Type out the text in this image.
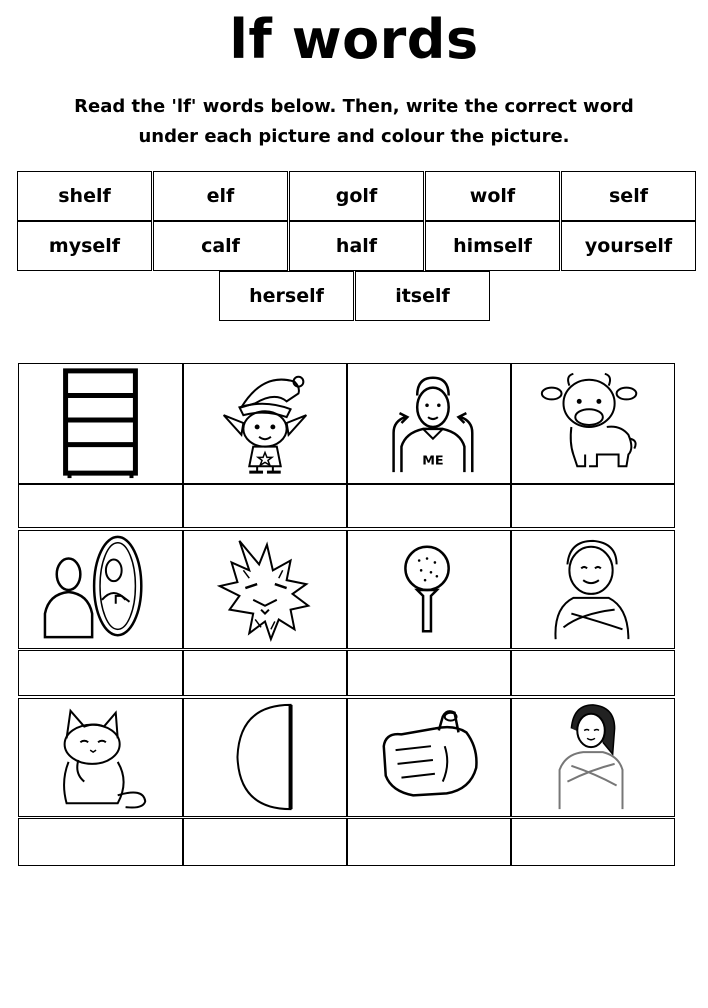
lf words
Read the 'lf' words below. Then, write the correct word
under each picture and colour the picture.
shelf	elf	golf	wolf	self
myself	calf	half	himself	yourself
herself	itself
ME
